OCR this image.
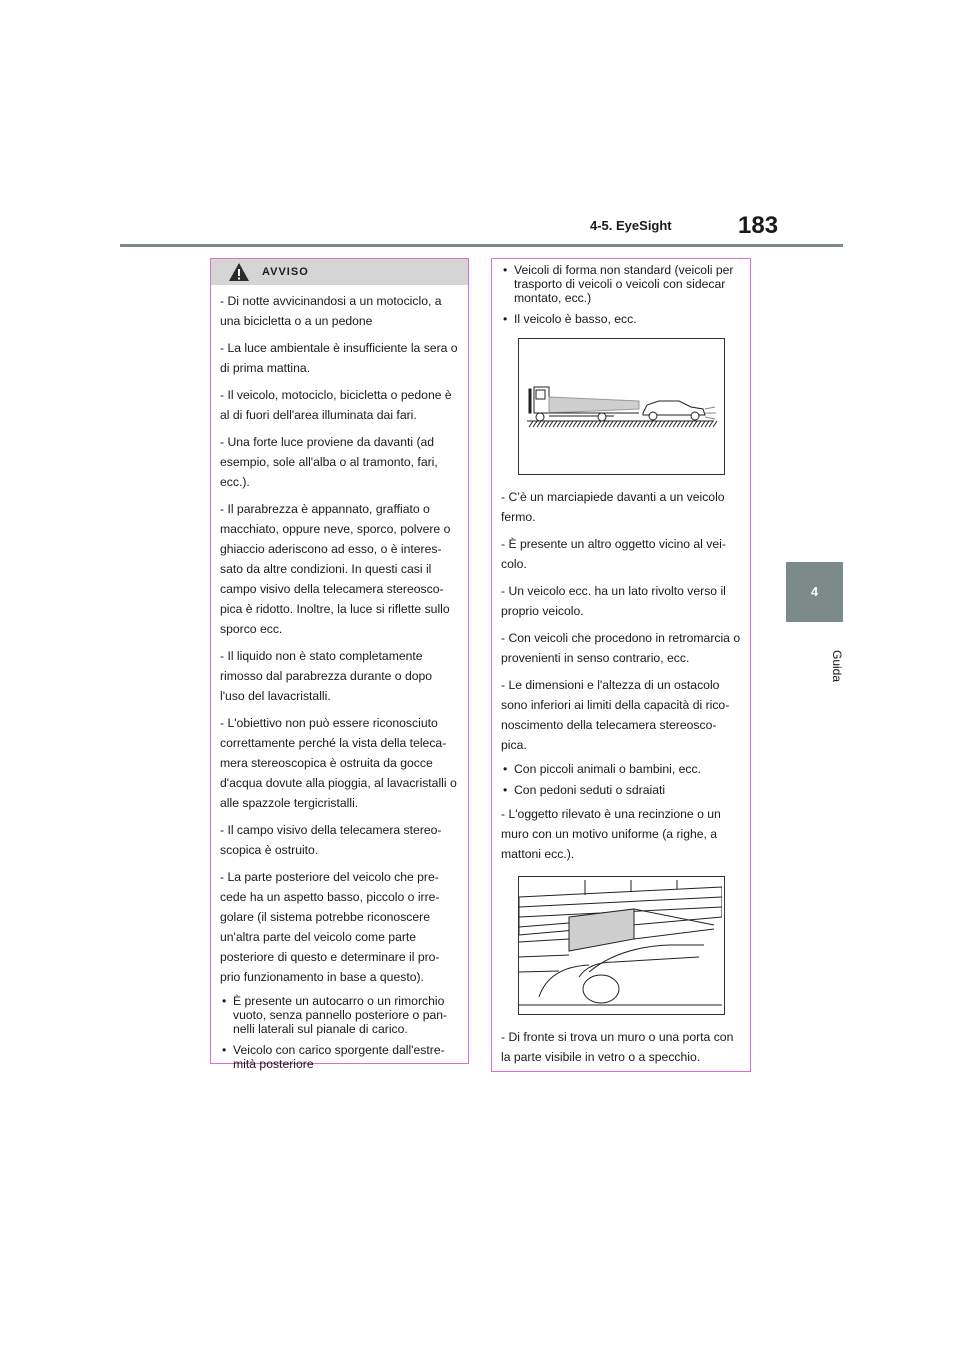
4-5. EyeSight	183
4
Guida
AVVISO
- Di notte avvicinandosi a un motociclo, a una bicicletta o a un pedone
- La luce ambientale è insufficiente la sera o di prima mattina.
- Il veicolo, motociclo, bicicletta o pedone è al di fuori dell'area illuminata dai fari.
- Una forte luce proviene da davanti (ad esempio, sole all'alba o al tramonto, fari, ecc.).
- Il parabrezza è appannato, graffiato o macchiato, oppure neve, sporco, polvere o ghiaccio aderiscono ad esso, o è interes-sato da altre condizioni. In questi casi il campo visivo della telecamera stereosco-pica è ridotto. Inoltre, la luce si riflette sullo sporco ecc.
- Il liquido non è stato completamente rimosso dal parabrezza durante o dopo l'uso del lavacristalli.
- L'obiettivo non può essere riconosciuto correttamente perché la vista della teleca-mera stereoscopica è ostruita da gocce d'acqua dovute alla pioggia, al lavacristalli o alle spazzole tergicristalli.
- Il campo visivo della telecamera stereo-scopica è ostruito.
- La parte posteriore del veicolo che pre-cede ha un aspetto basso, piccolo o irre-golare (il sistema potrebbe riconoscere un'altra parte del veicolo come parte posteriore di questo e determinare il pro-prio funzionamento in base a questo).
• È presente un autocarro o un rimorchio vuoto, senza pannello posteriore o pan-nelli laterali sul pianale di carico.
• Veicolo con carico sporgente dall'estre-mità posteriore
• Veicoli di forma non standard (veicoli per trasporto di veicoli o veicoli con sidecar montato, ecc.)
• Il veicolo è basso, ecc.
- C’è un marciapiede davanti a un veicolo fermo.
- È presente un altro oggetto vicino al vei-colo.
- Un veicolo ecc. ha un lato rivolto verso il proprio veicolo.
- Con veicoli che procedono in retromarcia o provenienti in senso contrario, ecc.
- Le dimensioni e l'altezza di un ostacolo sono inferiori ai limiti della capacità di rico-noscimento della telecamera stereosco-pica.
• Con piccoli animali o bambini, ecc.
• Con pedoni seduti o sdraiati
- L'oggetto rilevato è una recinzione o un muro con un motivo uniforme (a righe, a mattoni ecc.).
- Di fronte si trova un muro o una porta con la parte visibile in vetro o a specchio.
